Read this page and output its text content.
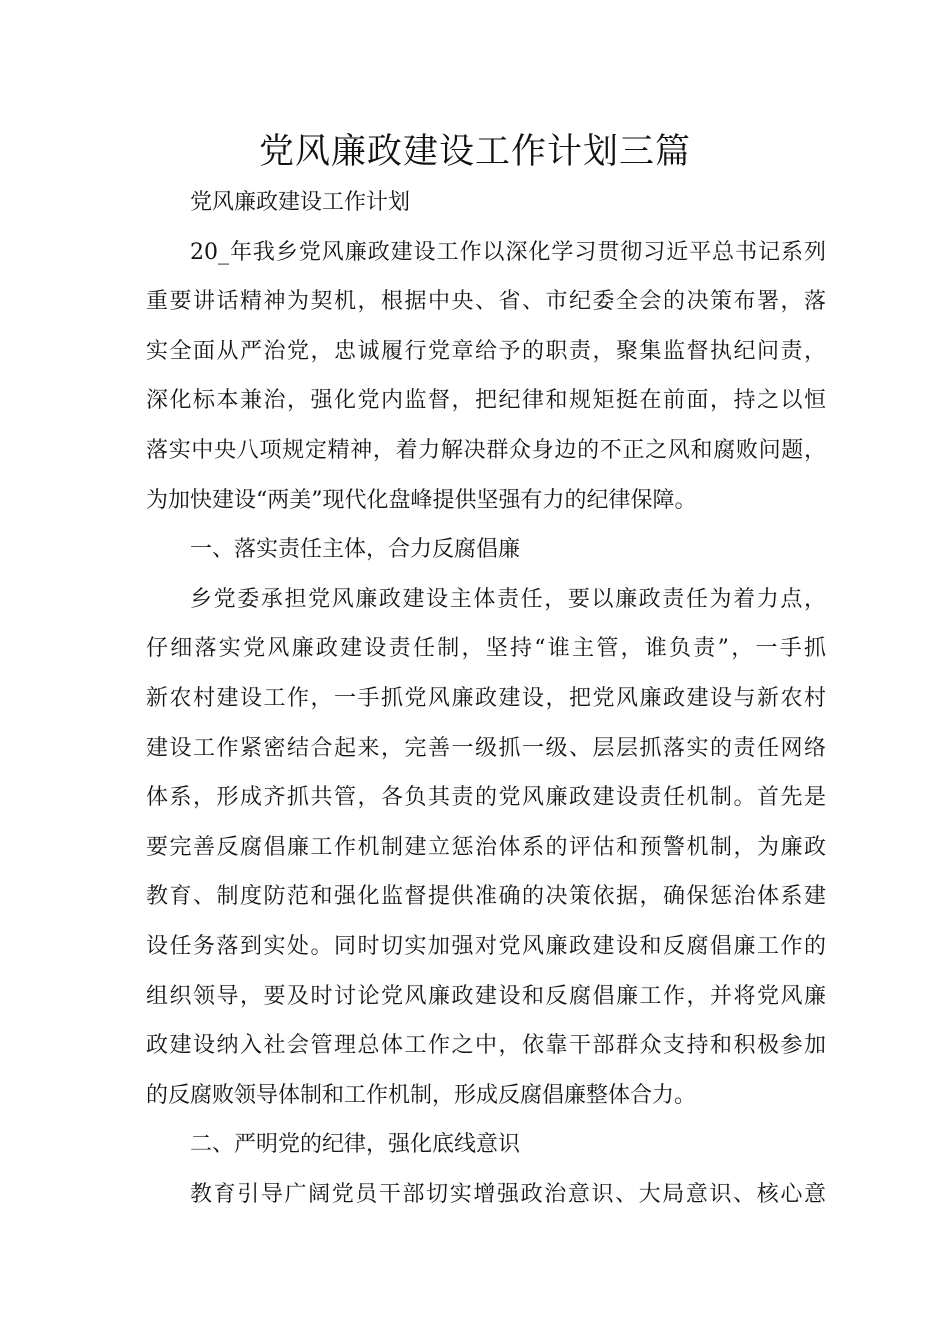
党风廉政建设工作计划三篇
党风廉政建设工作计划
20_年我乡党风廉政建设工作以深化学习贯彻习近平总书记系列
重要讲话精神为契机，根据中央、省、市纪委全会的决策布署，落
实全面从严治党，忠诚履行党章给予的职责，聚集监督执纪问责，
深化标本兼治，强化党内监督，把纪律和规矩挺在前面，持之以恒
落实中央八项规定精神，着力解决群众身边的不正之风和腐败问题，
为加快建设“两美”现代化盘峰提供坚强有力的纪律保障。
一、落实责任主体，合力反腐倡廉
乡党委承担党风廉政建设主体责任，要以廉政责任为着力点，
仔细落实党风廉政建设责任制，坚持“谁主管，谁负责”，一手抓
新农村建设工作，一手抓党风廉政建设，把党风廉政建设与新农村
建设工作紧密结合起来，完善一级抓一级、层层抓落实的责任网络
体系，形成齐抓共管，各负其责的党风廉政建设责任机制。首先是
要完善反腐倡廉工作机制建立惩治体系的评估和预警机制，为廉政
教育、制度防范和强化监督提供准确的决策依据，确保惩治体系建
设任务落到实处。同时切实加强对党风廉政建设和反腐倡廉工作的
组织领导，要及时讨论党风廉政建设和反腐倡廉工作，并将党风廉
政建设纳入社会管理总体工作之中，依靠干部群众支持和积极参加
的反腐败领导体制和工作机制，形成反腐倡廉整体合力。
二、严明党的纪律，强化底线意识
教育引导广阔党员干部切实增强政治意识、大局意识、核心意
